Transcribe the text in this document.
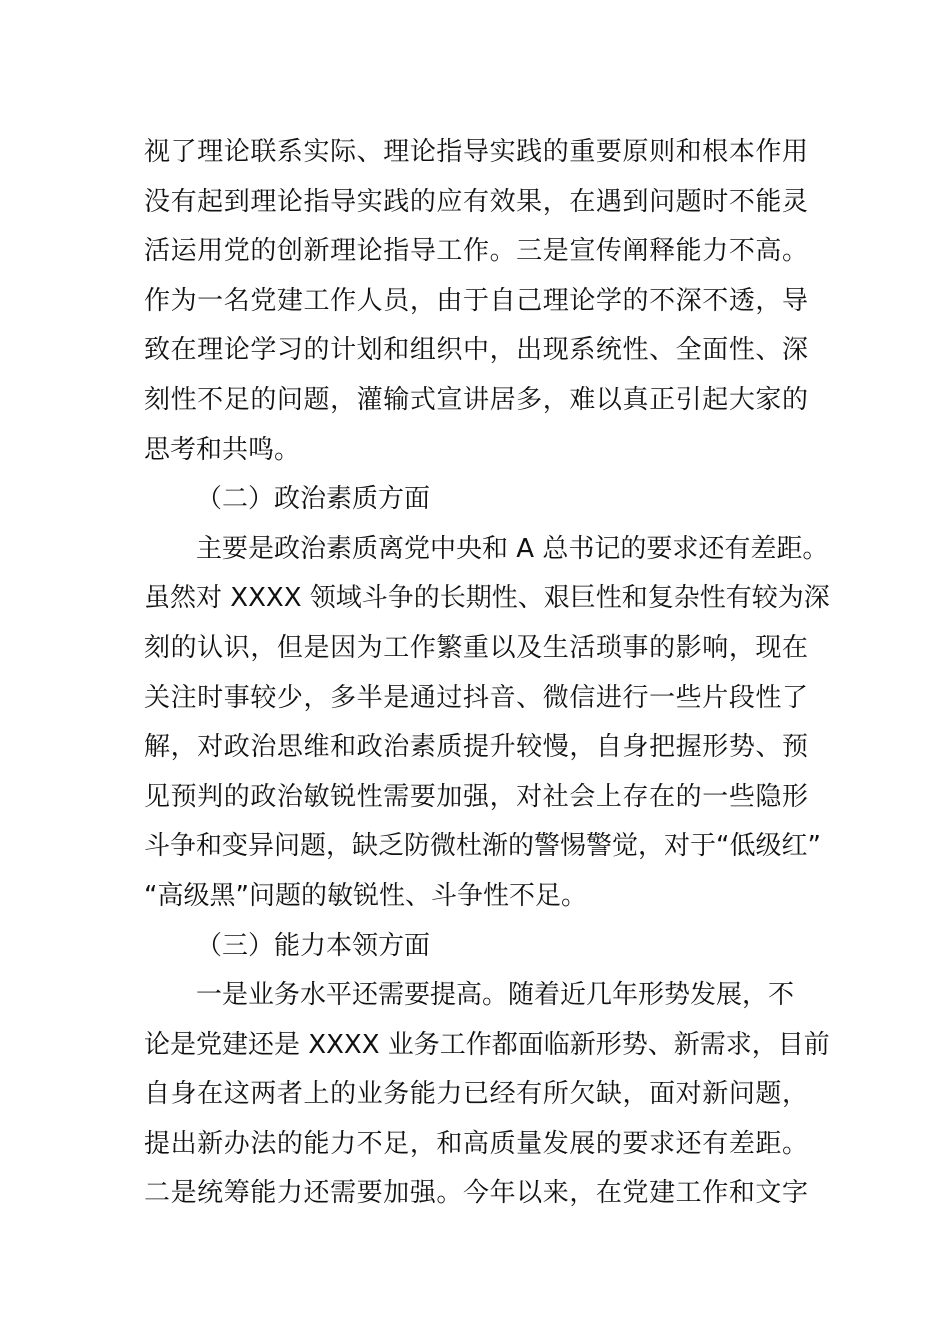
视了理论联系实际、理论指导实践的重要原则和根本作用
没有起到理论指导实践的应有效果，在遇到问题时不能灵
活运用党的创新理论指导工作。三是宣传阐释能力不高。
作为一名党建工作人员，由于自己理论学的不深不透，导
致在理论学习的计划和组织中，出现系统性、全面性、深
刻性不足的问题，灌输式宣讲居多，难以真正引起大家的
思考和共鸣。
（二）政治素质方面
主要是政治素质离党中央和 A 总书记的要求还有差距。
虽然对 XXXX 领域斗争的长期性、艰巨性和复杂性有较为深
刻的认识，但是因为工作繁重以及生活琐事的影响，现在
关注时事较少，多半是通过抖音、微信进行一些片段性了
解，对政治思维和政治素质提升较慢，自身把握形势、预
见预判的政治敏锐性需要加强，对社会上存在的一些隐形
斗争和变异问题，缺乏防微杜渐的警惕警觉，对于“低级红”
“高级黑”问题的敏锐性、斗争性不足。
（三）能力本领方面
一是业务水平还需要提高。随着近几年形势发展，不
论是党建还是 XXXX 业务工作都面临新形势、新需求，目前
自身在这两者上的业务能力已经有所欠缺，面对新问题，
提出新办法的能力不足，和高质量发展的要求还有差距。
二是统筹能力还需要加强。今年以来，在党建工作和文字
